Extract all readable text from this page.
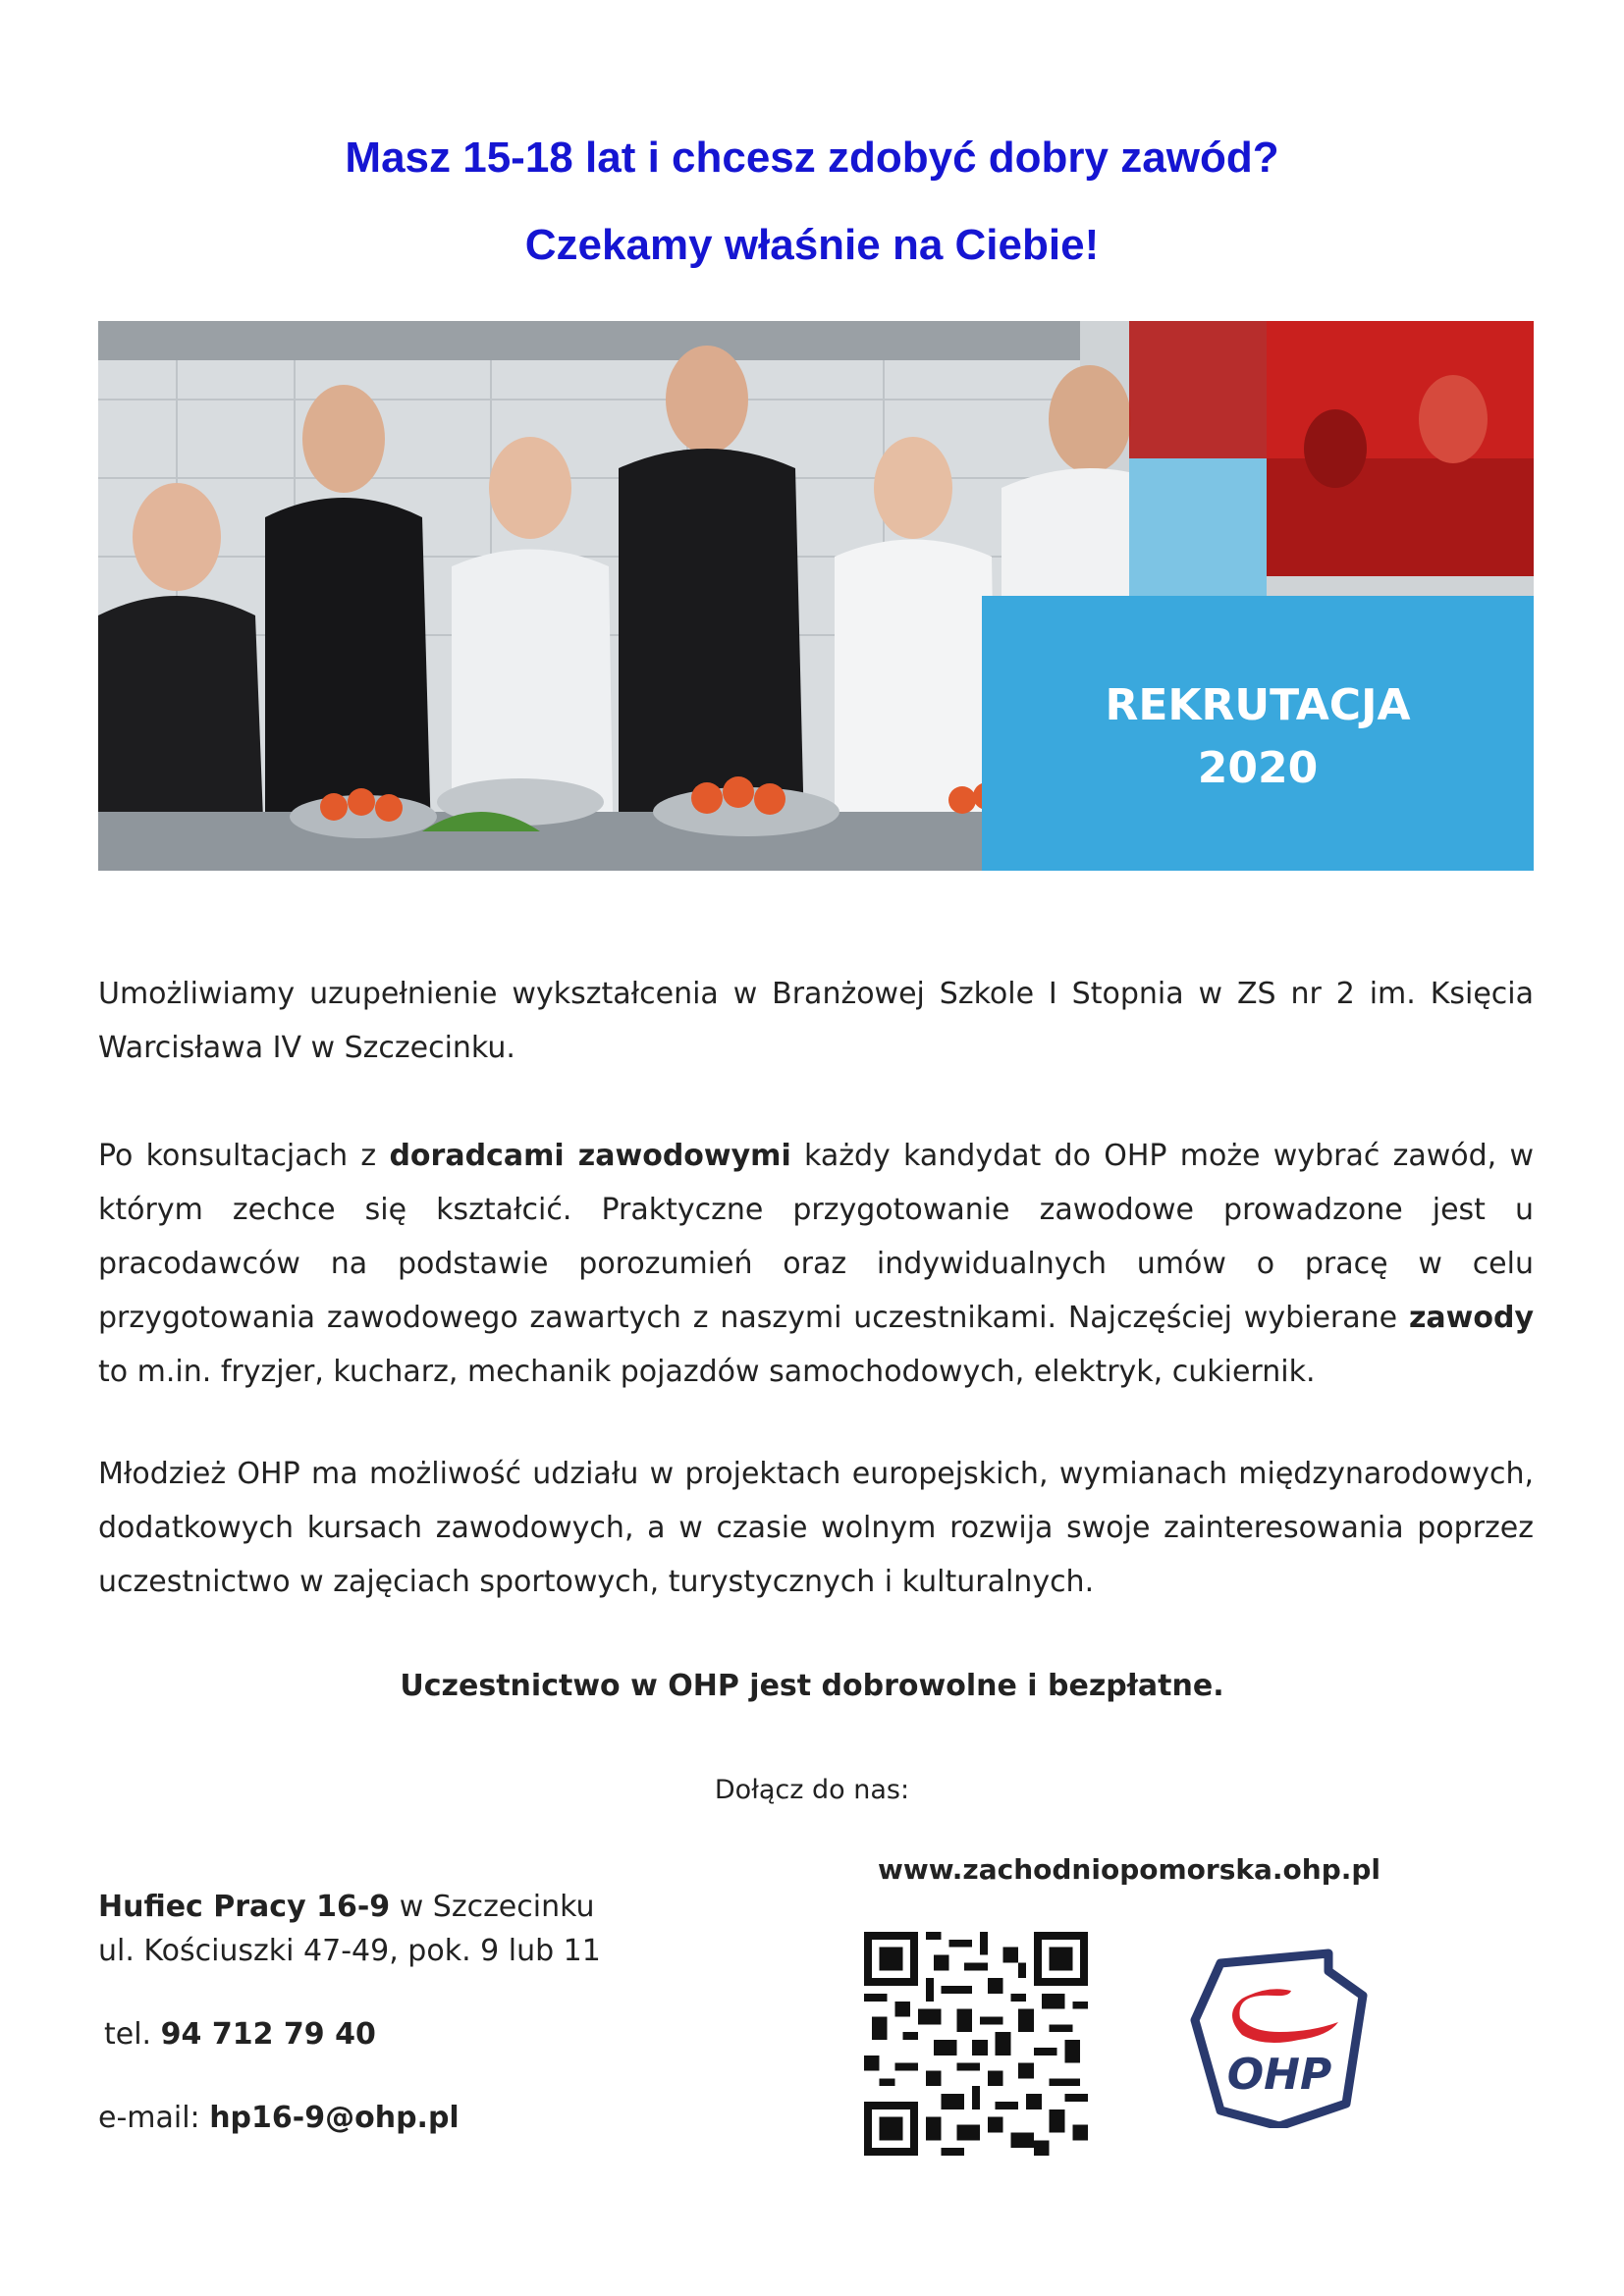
Masz 15-18 lat i chcesz zdobyć dobry zawód?
Czekamy właśnie na Ciebie!
REKRUTACJA
2020

Umożliwiamy uzupełnienie wykształcenia w Branżowej Szkole I Stopnia w ZS nr 2 im. Księcia Warcisława IV w Szczecinku.

Po konsultacjach z doradcami zawodowymi każdy kandydat do OHP może wybrać zawód, w którym zechce się kształcić. Praktyczne przygotowanie zawodowe prowadzone jest u pracodawców na podstawie porozumień oraz indywidualnych umów o pracę w celu przygotowania zawodowego zawartych z naszymi uczestnikami. Najczęściej wybierane zawody to m.in. fryzjer, kucharz, mechanik pojazdów samochodowych, elektryk, cukiernik.

Młodzież OHP ma możliwość udziału w projektach europejskich, wymianach międzynarodowych, dodatkowych kursach zawodowych, a w czasie wolnym rozwija swoje zainteresowania poprzez uczestnictwo w zajęciach sportowych, turystycznych i kulturalnych.

Uczestnictwo w OHP jest dobrowolne i bezpłatne.

Dołącz do nas:

www.zachodniopomorska.ohp.pl

Hufiec Pracy 16-9 w Szczecinku

ul. Kościuszki 47-49, pok. 9 lub 11

tel. 94 712 79 40

e-mail: hp16-9@ohp.pl

OHP
